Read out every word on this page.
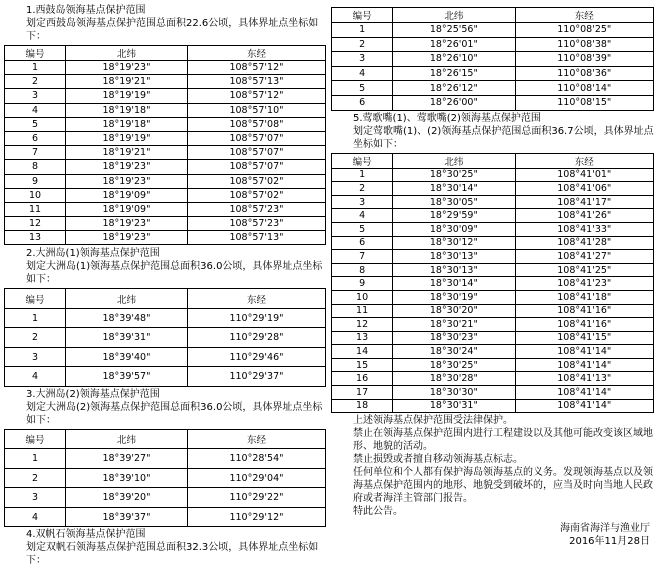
1.西鼓岛领海基点保护范围

划定西鼓岛领海基点保护范围总面积22.6公顷，具体界址点坐标如下：

编号	北纬	东经
1	18°19'23"	108°57'12"
2	18°19'21"	108°57'13"
3	18°19'19"	108°57'12"
4	18°19'18"	108°57'10"
5	18°19'18"	108°57'08"
6	18°19'19"	108°57'07"
7	18°19'21"	108°57'07"
8	18°19'23"	108°57'07"
9	18°19'23"	108°57'02"
10	18°19'09"	108°57'02"
11	18°19'09"	108°57'23"
12	18°19'23"	108°57'23"
13	18°19'23"	108°57'13"

2.大洲岛(1)领海基点保护范围

划定大洲岛(1)领海基点保护范围总面积36.0公顷，具体界址点坐标如下：

编号	北纬	东经
1	18°39'48"	110°29'19"
2	18°39'31"	110°29'28"
3	18°39'40"	110°29'46"
4	18°39'57"	110°29'37"

3.大洲岛(2)领海基点保护范围

划定大洲岛(2)领海基点保护范围总面积36.0公顷，具体界址点坐标如下：

编号	北纬	东经
1	18°39'27"	110°28'54"
2	18°39'10"	110°29'04"
3	18°39'20"	110°29'22"
4	18°39'37"	110°29'12"

4.双帆石领海基点保护范围

划定双帆石领海基点保护范围总面积32.3公顷，具体界址点坐标如下：

编号	北纬	东经
1	18°25'56"	110°08'25"
2	18°26'01"	110°08'38"
3	18°26'10"	110°08'39"
4	18°26'15"	110°08'36"
5	18°26'12"	110°08'14"
6	18°26'00"	110°08'15"

5.莺歌嘴(1)、莺歌嘴(2)领海基点保护范围

划定莺歌嘴(1)、(2)领海基点保护范围总面积36.7公顷，具体界址点坐标如下：

编号	北纬	东经
1	18°30'25"	108°41'01"
2	18°30'14"	108°41'06"
3	18°30'05"	108°41'17"
4	18°29'59"	108°41'26"
5	18°30'09"	108°41'33"
6	18°30'12"	108°41'28"
7	18°30'13"	108°41'27"
8	18°30'13"	108°41'25"
9	18°30'14"	108°41'23"
10	18°30'19"	108°41'18"
11	18°30'20"	108°41'16"
12	18°30'21"	108°41'16"
13	18°30'23"	108°41'15"
14	18°30'24"	108°41'14"
15	18°30'25"	108°41'14"
16	18°30'28"	108°41'13"
17	18°30'30"	108°41'14"
18	18°30'31"	108°41'14"

上述领海基点保护范围受法律保护。

禁止在领海基点保护范围内进行工程建设以及其他可能改变该区域地形、地貌的活动。

禁止损毁或者擅自移动领海基点标志。

任何单位和个人都有保护海岛领海基点的义务。发现领海基点以及领海基点保护范围内的地形、地貌受到破坏的，应当及时向当地人民政府或者海洋主管部门报告。

特此公告。

海南省海洋与渔业厅

2016年11月28日
